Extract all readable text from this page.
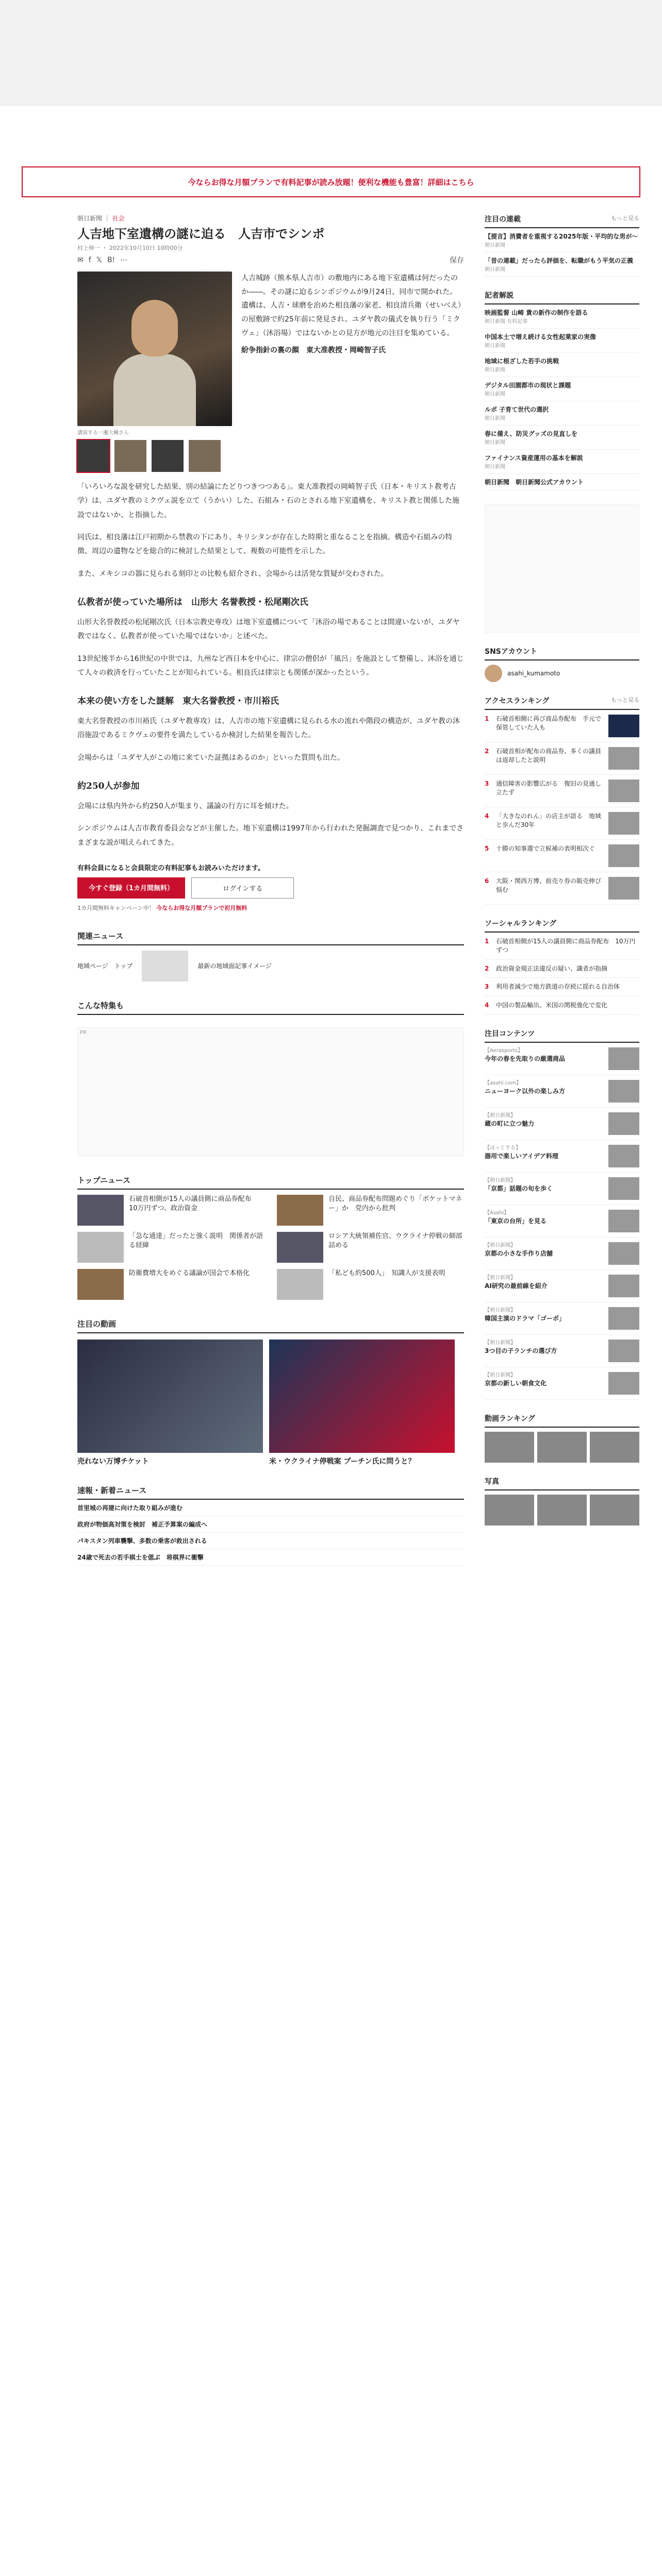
今ならお得な月額プランで有料記事が読み放題！便利な機能も豊富！詳細はこちら
朝日新聞 ｜ 社会
人吉地下室遺構の謎に迫る　人吉市でシンポ
村上伸一 ・ 2022年10月10日 10時00分
✉ f 𝕏 B! ⋯	保存
講演する一瀬大輔さん

人吉城跡（熊本県人吉市）の敷地内にある地下室遺構は何だったのか――。その謎に迫るシンポジウムが9月24日、同市で開かれた。遺構は、人吉・球磨を治めた相良藩の家老、相良清兵衛（せいべえ）の屋敷跡で約25年前に発見され、ユダヤ教の儀式を執り行う「ミクヴェ」（沐浴場）ではないかとの見方が地元の注目を集めている。

紛争指針の裏の顔　東大准教授・岡崎智子氏

「いろいろな説を研究した結果、別の結論にたどりつきつつある」。東大准教授の岡崎智子氏（日本・キリスト教考古学）は、ユダヤ教のミクヴェ説を立て（うかい）した、石組み・石のとされる地下室遺構を、キリスト教と関係した施設ではないか、と指摘した。

同氏は、相良藩は江戸初期から禁教の下にあり、キリシタンが存在した時期と重なることを指摘。構造や石組みの特徴、周辺の遺物などを総合的に検討した結果として、複数の可能性を示した。

また、メキシコの器に見られる刻印との比較も紹介され、会場からは活発な質疑が交わされた。

仏教者が使っていた場所は　山形大 名誉教授・松尾剛次氏

山形大名誉教授の松尾剛次氏（日本宗教史専攻）は地下室遺構について「沐浴の場であることは間違いないが、ユダヤ教ではなく、仏教者が使っていた場ではないか」と述べた。

13世紀後半から16世紀の中世では、九州など西日本を中心に、律宗の僧侶が「風呂」を施設として整備し、沐浴を通じて人々の救済を行っていたことが知られている。相良氏は律宗とも関係が深かったという。

本来の使い方をした謎解　東大名誉教授・市川裕氏

東大名誉教授の市川裕氏（ユダヤ教専攻）は、人吉市の地下室遺構に見られる水の流れや階段の構造が、ユダヤ教の沐浴施設であるミクヴェの要件を満たしているか検討した結果を報告した。

会場からは「ユダヤ人がこの地に来ていた証拠はあるのか」といった質問も出た。

約250人が参加

会場には県内外から約250人が集まり、議論の行方に耳を傾けた。

シンポジウムは人吉市教育委員会などが主催した。地下室遺構は1997年から行われた発掘調査で見つかり、これまでさまざまな説が唱えられてきた。

有料会員になると会員限定の有料記事もお読みいただけます。
今すぐ登録（1カ月間無料）	ログインする
1カ月間無料キャンペーン中！ 今ならお得な月額プランで初月無料
関連ニュース
地域ページ　トップ	最新の地域面記事イメージ
こんな特集も
PR
トップニュース
石破首相側が15人の議員側に商品券配布　10万円ずつ、政治資金
自民、商品券配布問題めぐり「ポケットマネー」か　党内から批判
「急な通達」だったと強く説明　関係者が語る経緯
ロシア大統領補佐官、ウクライナ停戦の細部詰める
防衛費増大をめぐる議論が国会で本格化	「私ども約500人」　知識人が支援表明
注目の動画

売れない万博チケット	米・ウクライナ停戦案 プーチン氏に問うと？

速報・新着ニュース
首里城の再建に向けた取り組みが進む
政府が物価高対策を検討　補正予算案の編成へ
パキスタン列車襲撃、多数の乗客が救出される
24歳で死去の若手棋士を偲ぶ　将棋界に衝撃
注目の連載	もっと見る
【提言】消費者を重視する2025年版・平均的な男が～
朝日新聞
「昔の連載」だったら評価を、転職がもう平気の正義
朝日新聞
記者解説
映画監督 山崎 貴の新作の制作を語る
朝日新聞 有料記事
中国本土で増え続ける女性起業家の実像
朝日新聞
地域に根ざした若手の挑戦
朝日新聞
デジタル田園都市の現状と課題
朝日新聞
ルポ 子育て世代の選択
朝日新聞
春に備え、防災グッズの見直しを
朝日新聞
ファイナンス資産運用の基本を解説
朝日新聞
朝日新聞　朝日新聞公式アカウント
SNSアカウント
asahi_kumamoto
アクセスランキング	もっと見る
1	石破首相側に再び商品券配布　手元で保管していた人も
2	石破首相が配布の商品券、多くの議員は返却したと説明
3	通信障害の影響広がる　復旧の見通し立たず
4	「大きなのれん」の店主が語る　地域と歩んだ30年
5	十勝の知事選で立候補の表明相次ぐ
6	大阪・関西万博、前売り券の販売伸び悩む
ソーシャルランキング
1	石破首相側が15人の議員側に商品券配布　10万円ずつ
2	政治資金規正法違反の疑い、識者が指摘
3	利用者減少で地方鉄道の存続に揺れる自治体
4	中国の製品輸出、米国の関税強化で変化
注目コンテンツ
【Aerasports】
今年の春を先取りの厳選商品
【asahi.com】
ニューヨーク以外の楽しみ方
【朝日新聞】
蔵の町に立つ魅力
【ほっとする】
器用で楽しいアイデア料理
【朝日新聞】
「京都」話題の旬を歩く
【Asahi】
「東京の台所」を見る
【朝日新聞】
京都の小さな手作り店舗
【朝日新聞】
AI研究の最前線を紹介
【朝日新聞】
韓国主演のドラマ「ゴーボ」
【朝日新聞】
3つ目の子ランチの選び方
【朝日新聞】
京都の新しい朝食文化
動画ランキング
写真
